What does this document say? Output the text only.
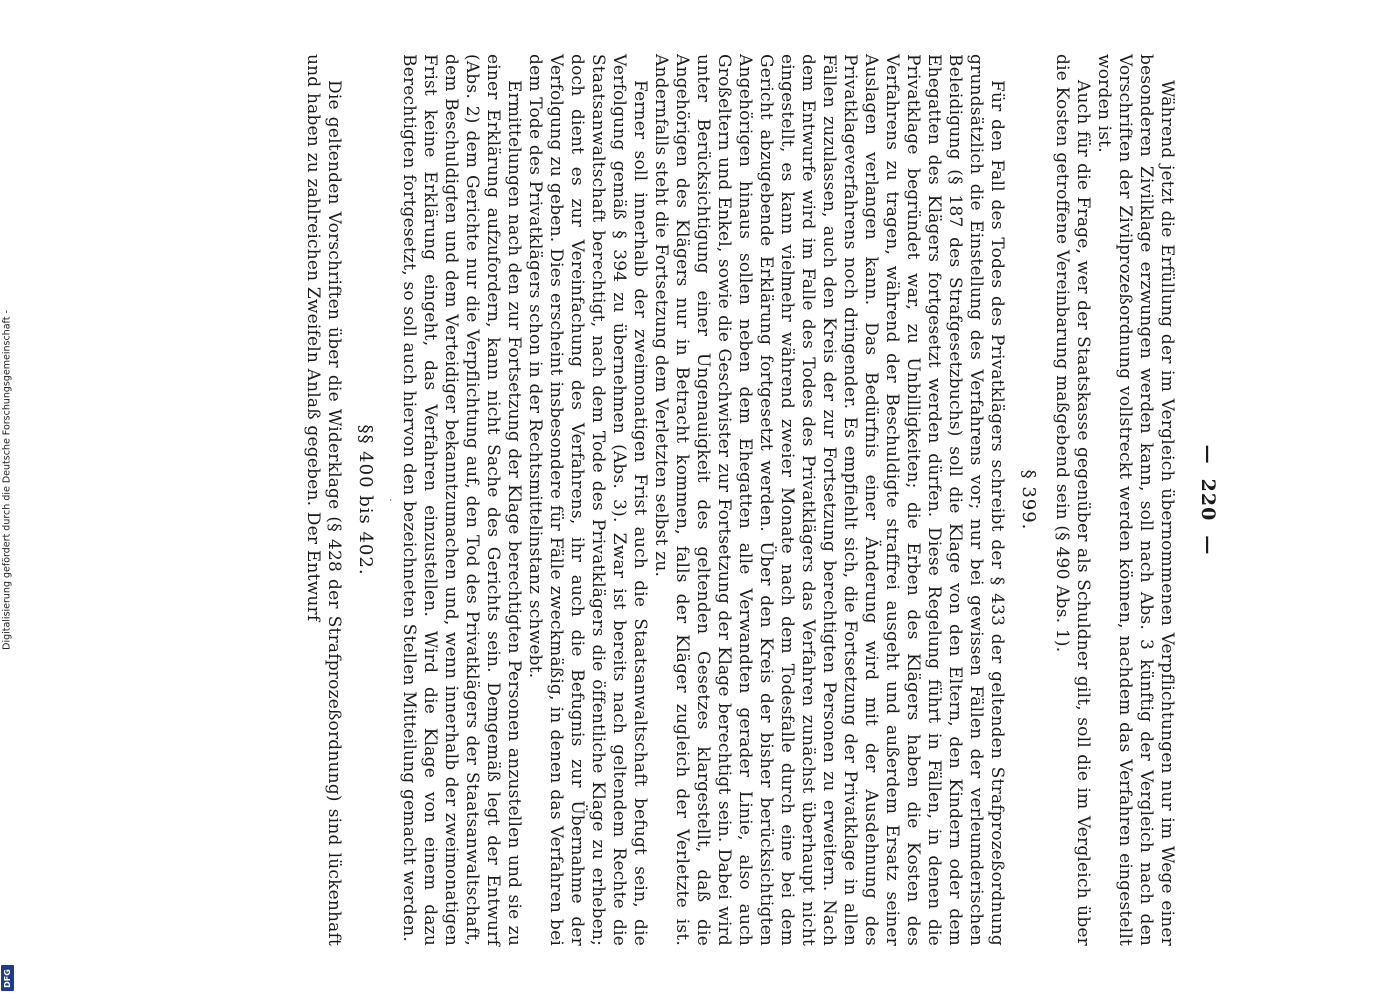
Digitalisierung gefördert durch die Deutsche Forschungsgemeinschaft -
DFG
—
220
—

Während jetzt die Erfüllung der im Vergleich übernommenen Verpflichtungen nur im Wege einer besonderen Zivilklage erzwungen werden kann, soll nach Abs. 3 künftig der Vergleich nach den Vorschriften der Zivilprozeßordnung vollstreckt werden können, nachdem das Verfahren eingestellt worden ist.

Auch für die Frage, wer der Staatskasse gegenüber als Schuldner gilt, soll die im Vergleich über die Kosten getroffene Vereinbarung maßgebend sein (§ 490 Abs. 1).

§ 399.

Für den Fall des Todes des Privatklägers schreibt der § 433 der geltenden Strafprozeßordnung grundsätzlich die Einstellung des Verfahrens vor; nur bei gewissen Fällen der verleumderischen Beleidigung (§ 187 des Strafgesetzbuchs) soll die Klage von den Eltern, den Kindern oder dem Ehegatten des Klägers fortgesetzt werden dürfen. Diese Regelung führt in Fällen, in denen die Privatklage begründet war, zu Unbilligkeiten; die Erben des Klägers haben die Kosten des Verfahrens zu tragen, während der Beschuldigte straffrei ausgeht und außerdem Ersatz seiner Auslagen verlangen kann. Das Bedürfnis einer Änderung wird mit der Ausdehnung des Privatklageverfahrens noch dringender. Es empfiehlt sich, die Fortsetzung der Privatklage in allen Fällen zuzulassen, auch den Kreis der zur Fortsetzung berechtigten Personen zu erweitern. Nach dem Entwurfe wird im Falle des Todes des Privatklägers das Verfahren zunächst überhaupt nicht eingestellt, es kann vielmehr während zweier Monate nach dem Todesfalle durch eine bei dem Gericht abzugebende Erklärung fortgesetzt werden. Über den Kreis der bisher berücksichtigten Angehörigen hinaus sollen neben dem Ehegatten alle Verwandten gerader Linie, also auch Großeltern und Enkel, sowie die Geschwister zur Fortsetzung der Klage berechtigt sein. Dabei wird unter Berücksichtigung einer Ungenauigkeit des geltenden Gesetzes klargestellt, daß die Angehörigen des Klägers nur in Betracht kommen, falls der Kläger zugleich der Verletzte ist. Andernfalls steht die Fortsetzung dem Verletzten selbst zu.

Ferner soll innerhalb der zweimonatigen Frist auch die Staatsanwaltschaft befugt sein, die Verfolgung gemäß § 394 zu übernehmen (Abs. 3). Zwar ist bereits nach geltendem Rechte die Staatsanwaltschaft berechtigt, nach dem Tode des Privatklägers die öffentliche Klage zu erheben; doch dient es zur Vereinfachung des Verfahrens, ihr auch die Befugnis zur Übernahme der Verfolgung zu geben. Dies erscheint insbesondere für Fälle zweckmäßig, in denen das Verfahren bei dem Tode des Privatklägers schon in der Rechtsmittelinstanz schwebt.

Ermittelungen nach den zur Fortsetzung der Klage berechtigten Personen anzustellen und sie zu einer Erklärung aufzufordern, kann nicht Sache des Gerichts sein. Demgemäß legt der Entwurf (Abs. 2) dem Gerichte nur die Verpflichtung auf, den Tod des Privatklägers der Staatsanwaltschaft, dem Beschuldigten und dem Verteidiger bekanntzumachen und, wenn innerhalb der zweimonatigen Frist keine Erklärung eingeht, das Verfahren einzustellen. Wird die Klage von einem dazu Berechtigten fortgesetzt, so soll auch hiervon den bezeichneten Stellen Mitteilung gemacht werden.

.
§§ 400 bis 402.

Die geltenden Vorschriften über die Widerklage (§ 428 der Strafprozeßordnung) sind lückenhaft und haben zu zahlreichen Zweifeln Anlaß gegeben. Der Entwurf
